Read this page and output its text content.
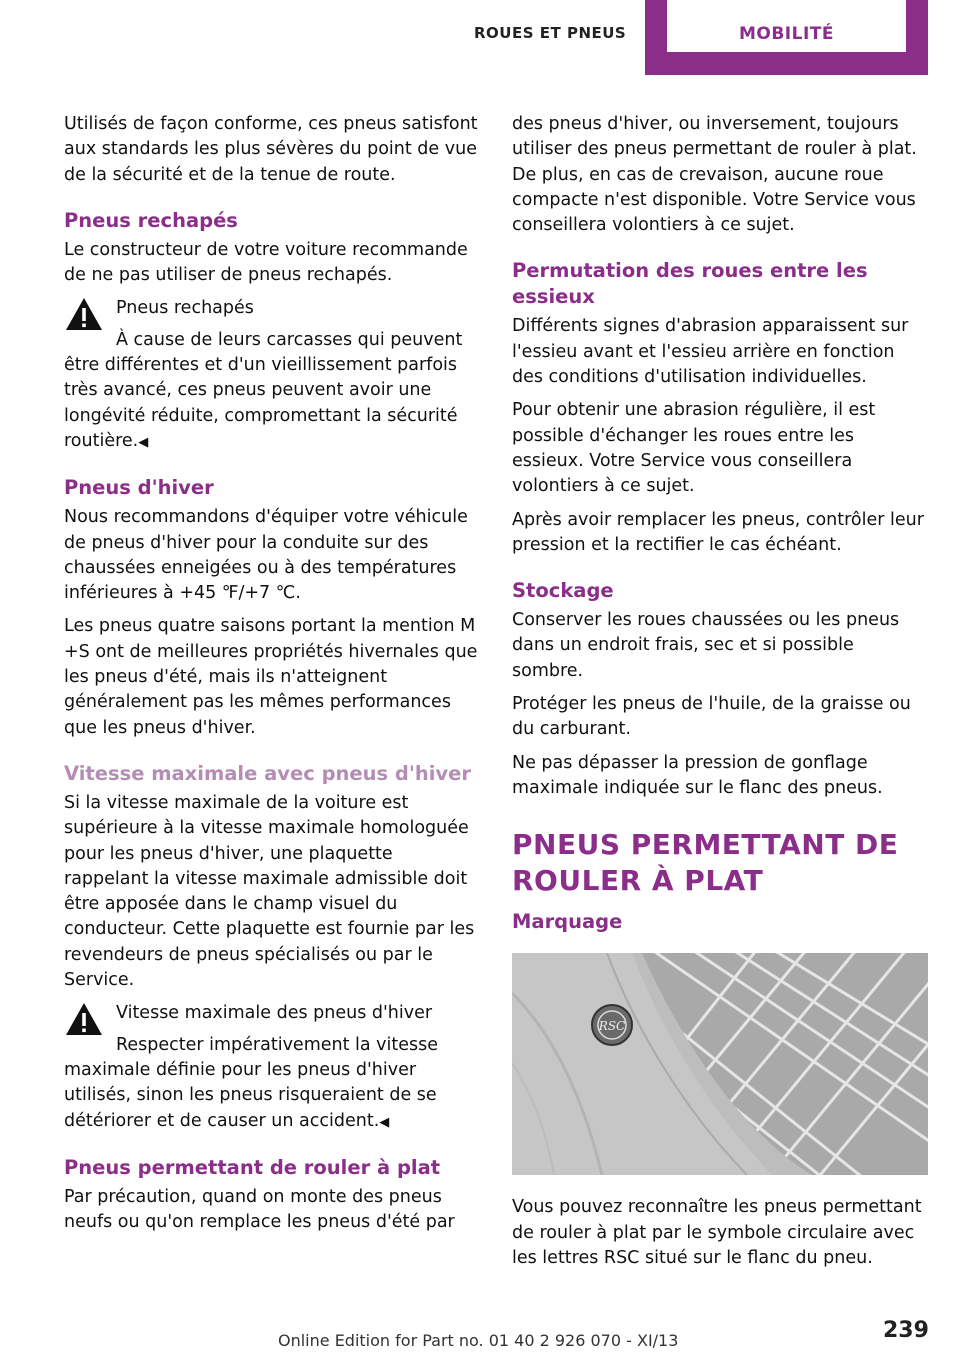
ROUES ET PNEUS	MOBILITÉ

Utilisés de façon conforme, ces pneus satisfont aux standards les plus sévères du point de vue de la sécurité et de la tenue de route.

Pneus rechapés

Le constructeur de votre voiture recommande de ne pas utiliser de pneus rechapés.

Pneus rechapés
À cause de leurs carcasses qui peuvent
être différentes et d'un vieillissement parfois très avancé, ces pneus peuvent avoir une longévité réduite, compromettant la sécurité routière.◀
Pneus d'hiver

Nous recommandons d'équiper votre véhicule de pneus d'hiver pour la conduite sur des chaussées enneigées ou à des températures inférieures à +45 ℉/+7 ℃.

Les pneus quatre saisons portant la mention M +S ont de meilleures propriétés hivernales que les pneus d'été, mais ils n'atteignent généralement pas les mêmes performances que les pneus d'hiver.

Vitesse maximale avec pneus d'hiver

Si la vitesse maximale de la voiture est supérieure à la vitesse maximale homologuée pour les pneus d'hiver, une plaquette rappelant la vitesse maximale admissible doit être apposée dans le champ visuel du conducteur. Cette plaquette est fournie par les revendeurs de pneus spécialisés ou par le Service.

Vitesse maximale des pneus d'hiver
Respecter impérativement la vitesse
maximale définie pour les pneus d'hiver utilisés, sinon les pneus risqueraient de se détériorer et de causer un accident.◀
Pneus permettant de rouler à plat

Par précaution, quand on monte des pneus neufs ou qu'on remplace les pneus d'été par

des pneus d'hiver, ou inversement, toujours utiliser des pneus permettant de rouler à plat. De plus, en cas de crevaison, aucune roue compacte n'est disponible. Votre Service vous conseillera volontiers à ce sujet.

Permutation des roues entre les essieux

Différents signes d'abrasion apparaissent sur l'essieu avant et l'essieu arrière en fonction des conditions d'utilisation individuelles.

Pour obtenir une abrasion régulière, il est possible d'échanger les roues entre les essieux. Votre Service vous conseillera volontiers à ce sujet.

Après avoir remplacer les pneus, contrôler leur pression et la rectifier le cas échéant.

Stockage

Conserver les roues chaussées ou les pneus dans un endroit frais, sec et si possible sombre.

Protéger les pneus de l'huile, de la graisse ou du carburant.

Ne pas dépasser la pression de gonflage maximale indiquée sur le flanc des pneus.

PNEUS PERMETTANT DE
ROULER À PLAT
Marquage
RSC

Vous pouvez reconnaître les pneus permettant de rouler à plat par le symbole circulaire avec les lettres RSC situé sur le flanc du pneu.

Online Edition for Part no. 01 40 2 926 070 - XI/13	239
